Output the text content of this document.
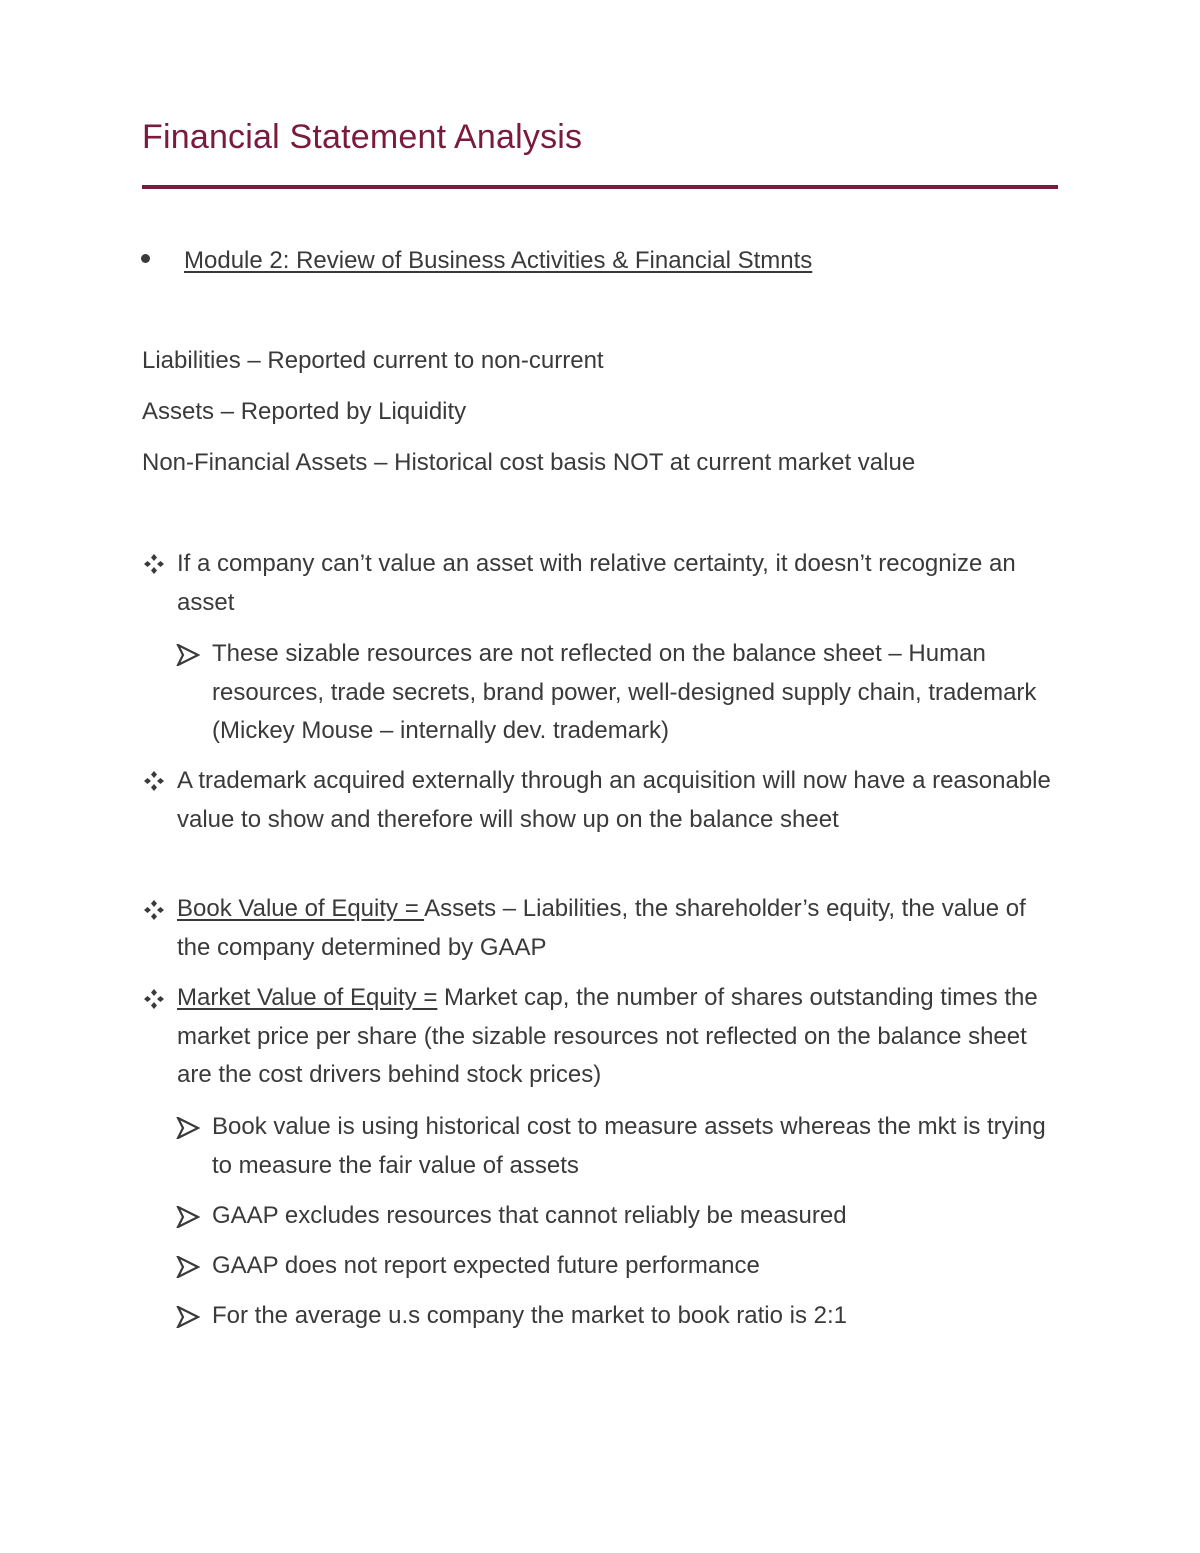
Financial Statement Analysis
Module 2: Review of Business Activities & Financial Stmnts
Liabilities – Reported current to non-current
Assets – Reported by Liquidity
Non-Financial Assets – Historical cost basis NOT at current market value
If a company can’t value an asset with relative certainty, it doesn’t recognize an asset
These sizable resources are not reflected on the balance sheet – Human resources, trade secrets, brand power, well-designed supply chain, trademark (Mickey Mouse – internally dev. trademark)
A trademark acquired externally through an acquisition will now have a reasonable value to show and therefore will show up on the balance sheet
Book Value of Equity = Assets – Liabilities, the shareholder’s equity, the value of the company determined by GAAP
Market Value of Equity = Market cap, the number of shares outstanding times the market price per share (the sizable resources not reflected on the balance sheet are the cost drivers behind stock prices)
Book value is using historical cost to measure assets whereas the mkt is trying to measure the fair value of assets
GAAP excludes resources that cannot reliably be measured
GAAP does not report expected future performance
For the average u.s company the market to book ratio is 2:1
